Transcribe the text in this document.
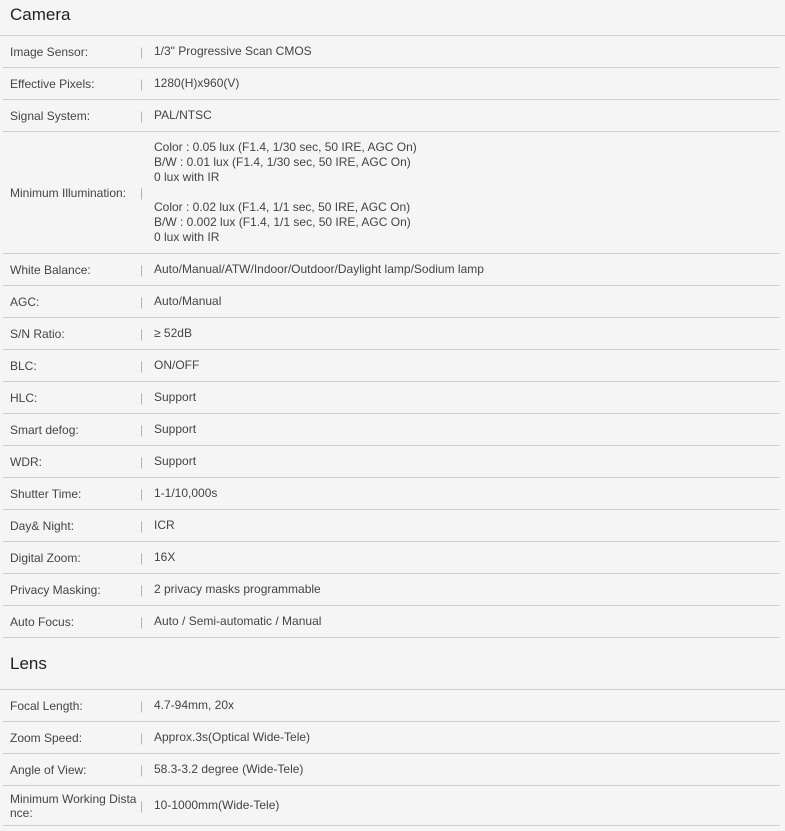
Camera
Image Sensor:	| 1/3" Progressive Scan CMOS
Effective Pixels:	| 1280(H)x960(V)
Signal System:	| PAL/NTSC
Minimum Illumination:	|
Color : 0.05 lux (F1.4, 1/30 sec, 50 IRE, AGC On)
B/W : 0.01 lux (F1.4, 1/30 sec, 50 IRE, AGC On)
0 lux with IR

Color : 0.02 lux (F1.4, 1/1 sec, 50 IRE, AGC On)
B/W : 0.002 lux (F1.4, 1/1 sec, 50 IRE, AGC On)
0 lux with IR
White Balance:	| Auto/Manual/ATW/Indoor/Outdoor/Daylight lamp/Sodium lamp
AGC:	| Auto/Manual
S/N Ratio:	| ≥ 52dB
BLC:	| ON/OFF
HLC:	| Support
Smart defog:	| Support
WDR:	| Support
Shutter Time:	| 1-1/10,000s
Day& Night:	| ICR
Digital Zoom:	| 16X
Privacy Masking:	| 2 privacy masks programmable
Auto Focus:	| Auto / Semi-automatic / Manual
Lens
Focal Length:	| 4.7-94mm, 20x
Zoom Speed:	| Approx.3s(Optical Wide-Tele)
Angle of View:	| 58.3-3.2 degree (Wide-Tele)
Minimum Working Distance:	| 10-1000mm(Wide-Tele)
